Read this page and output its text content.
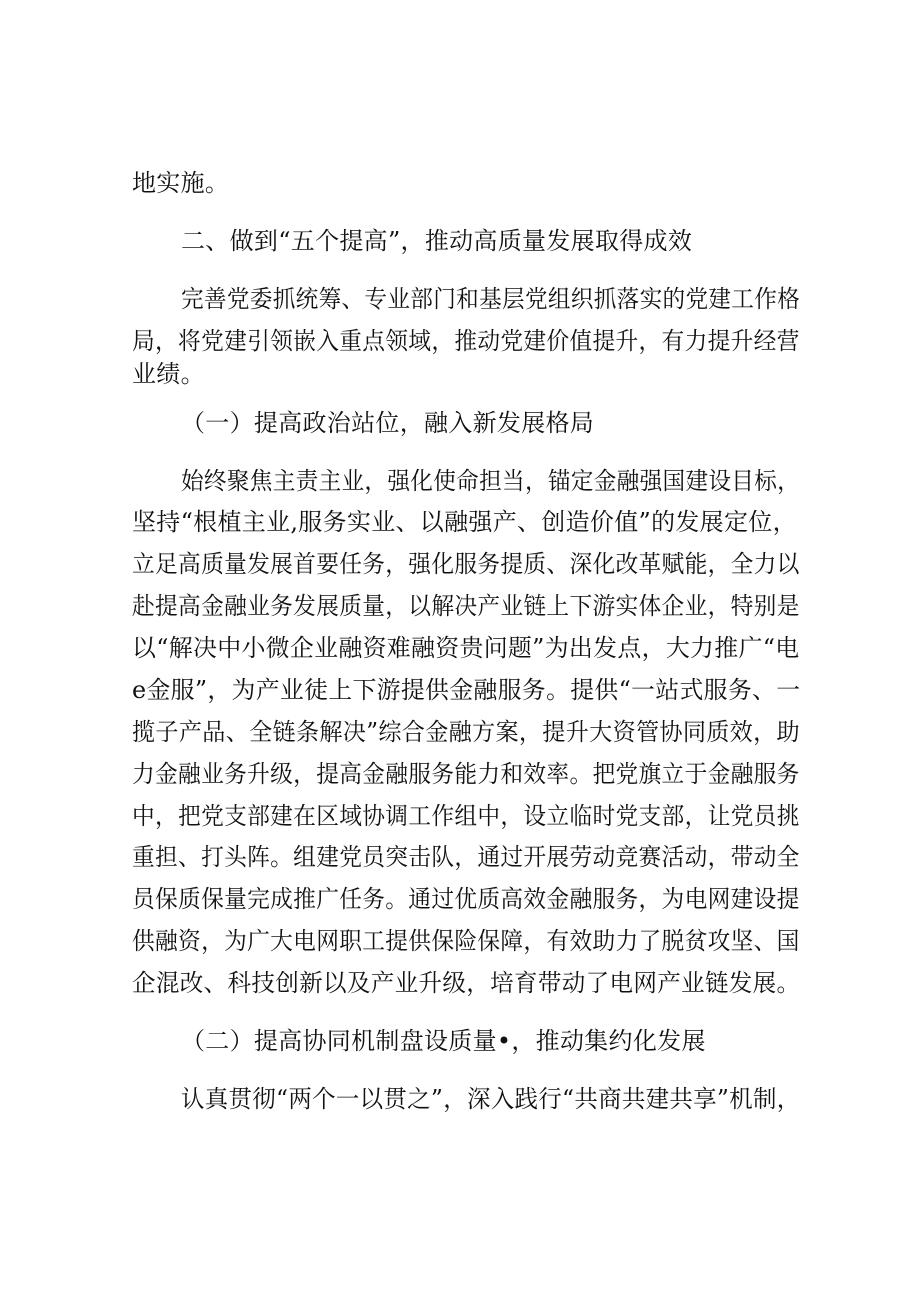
地实施。
二、做到“五个提高”，推动高质量发展取得成效
完善党委抓统筹、专业部门和基层党组织抓落实的党建工作格
局，将党建引领嵌入重点领域，推动党建价值提升，有力提升经营
业绩。
（一）提高政治站位，融入新发展格局
始终聚焦主责主业，强化使命担当，锚定金融强国建设目标，
坚持“根植主业,服务实业、以融强产、创造价值”的发展定位，
立足高质量发展首要任务，强化服务提质、深化改革赋能，全力以
赴提高金融业务发展质量，以解决产业链上下游实体企业，特别是
以“解决中小微企业融资难融资贵问题”为出发点，大力推广“电
e金服”，为产业徒上下游提供金融服务。提供“一站式服务、一
揽子产品、全链条解决”综合金融方案，提升大资管协同质效，助
力金融业务升级，提高金融服务能力和效率。把党旗立于金融服务
中，把党支部建在区域协调工作组中，设立临时党支部，让党员挑
重担、打头阵。组建党员突击队，通过开展劳动竞赛活动，带动全
员保质保量完成推广任务。通过优质高效金融服务，为电网建设提
供融资，为广大电网职工提供保险保障，有效助力了脱贫攻坚、国
企混改、科技创新以及产业升级，培育带动了电网产业链发展。
（二）提高协同机制盘设质量•，推动集约化发展
认真贯彻“两个一以贯之”，深入践行“共商共建共享”机制，
